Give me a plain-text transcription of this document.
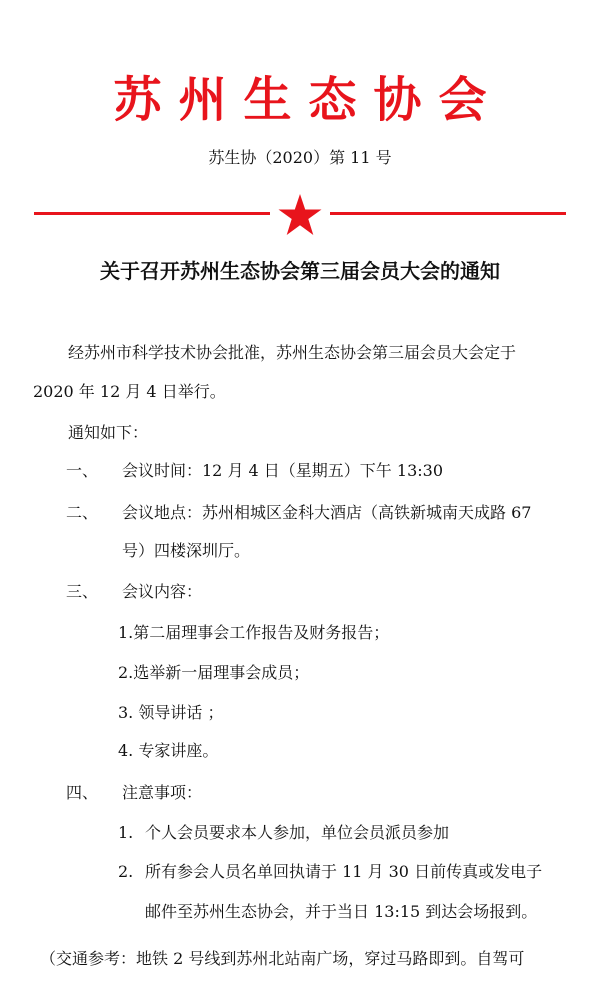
苏州生态协会
苏生协（2020）第 11 号
关于召开苏州生态协会第三届会员大会的通知
经苏州市科学技术协会批准，苏州生态协会第三届会员大会定于
2020 年 12 月 4 日举行。
通知如下：
一、 会议时间：12 月 4 日（星期五）下午 13:30
二、 会议地点：苏州相城区金科大酒店（高铁新城南天成路 67
号）四楼深圳厅。
三、 会议内容：
1.第二届理事会工作报告及财务报告；
2.选举新一届理事会成员；
3. 领导讲话 ；
4. 专家讲座。
四、 注意事项：
1. 个人会员要求本人参加，单位会员派员参加
2. 所有参会人员名单回执请于 11 月 30 日前传真或发电子
邮件至苏州生态协会，并于当日 13:15 到达会场报到。
（交通参考：地铁 2 号线到苏州北站南广场，穿过马路即到。自驾可
